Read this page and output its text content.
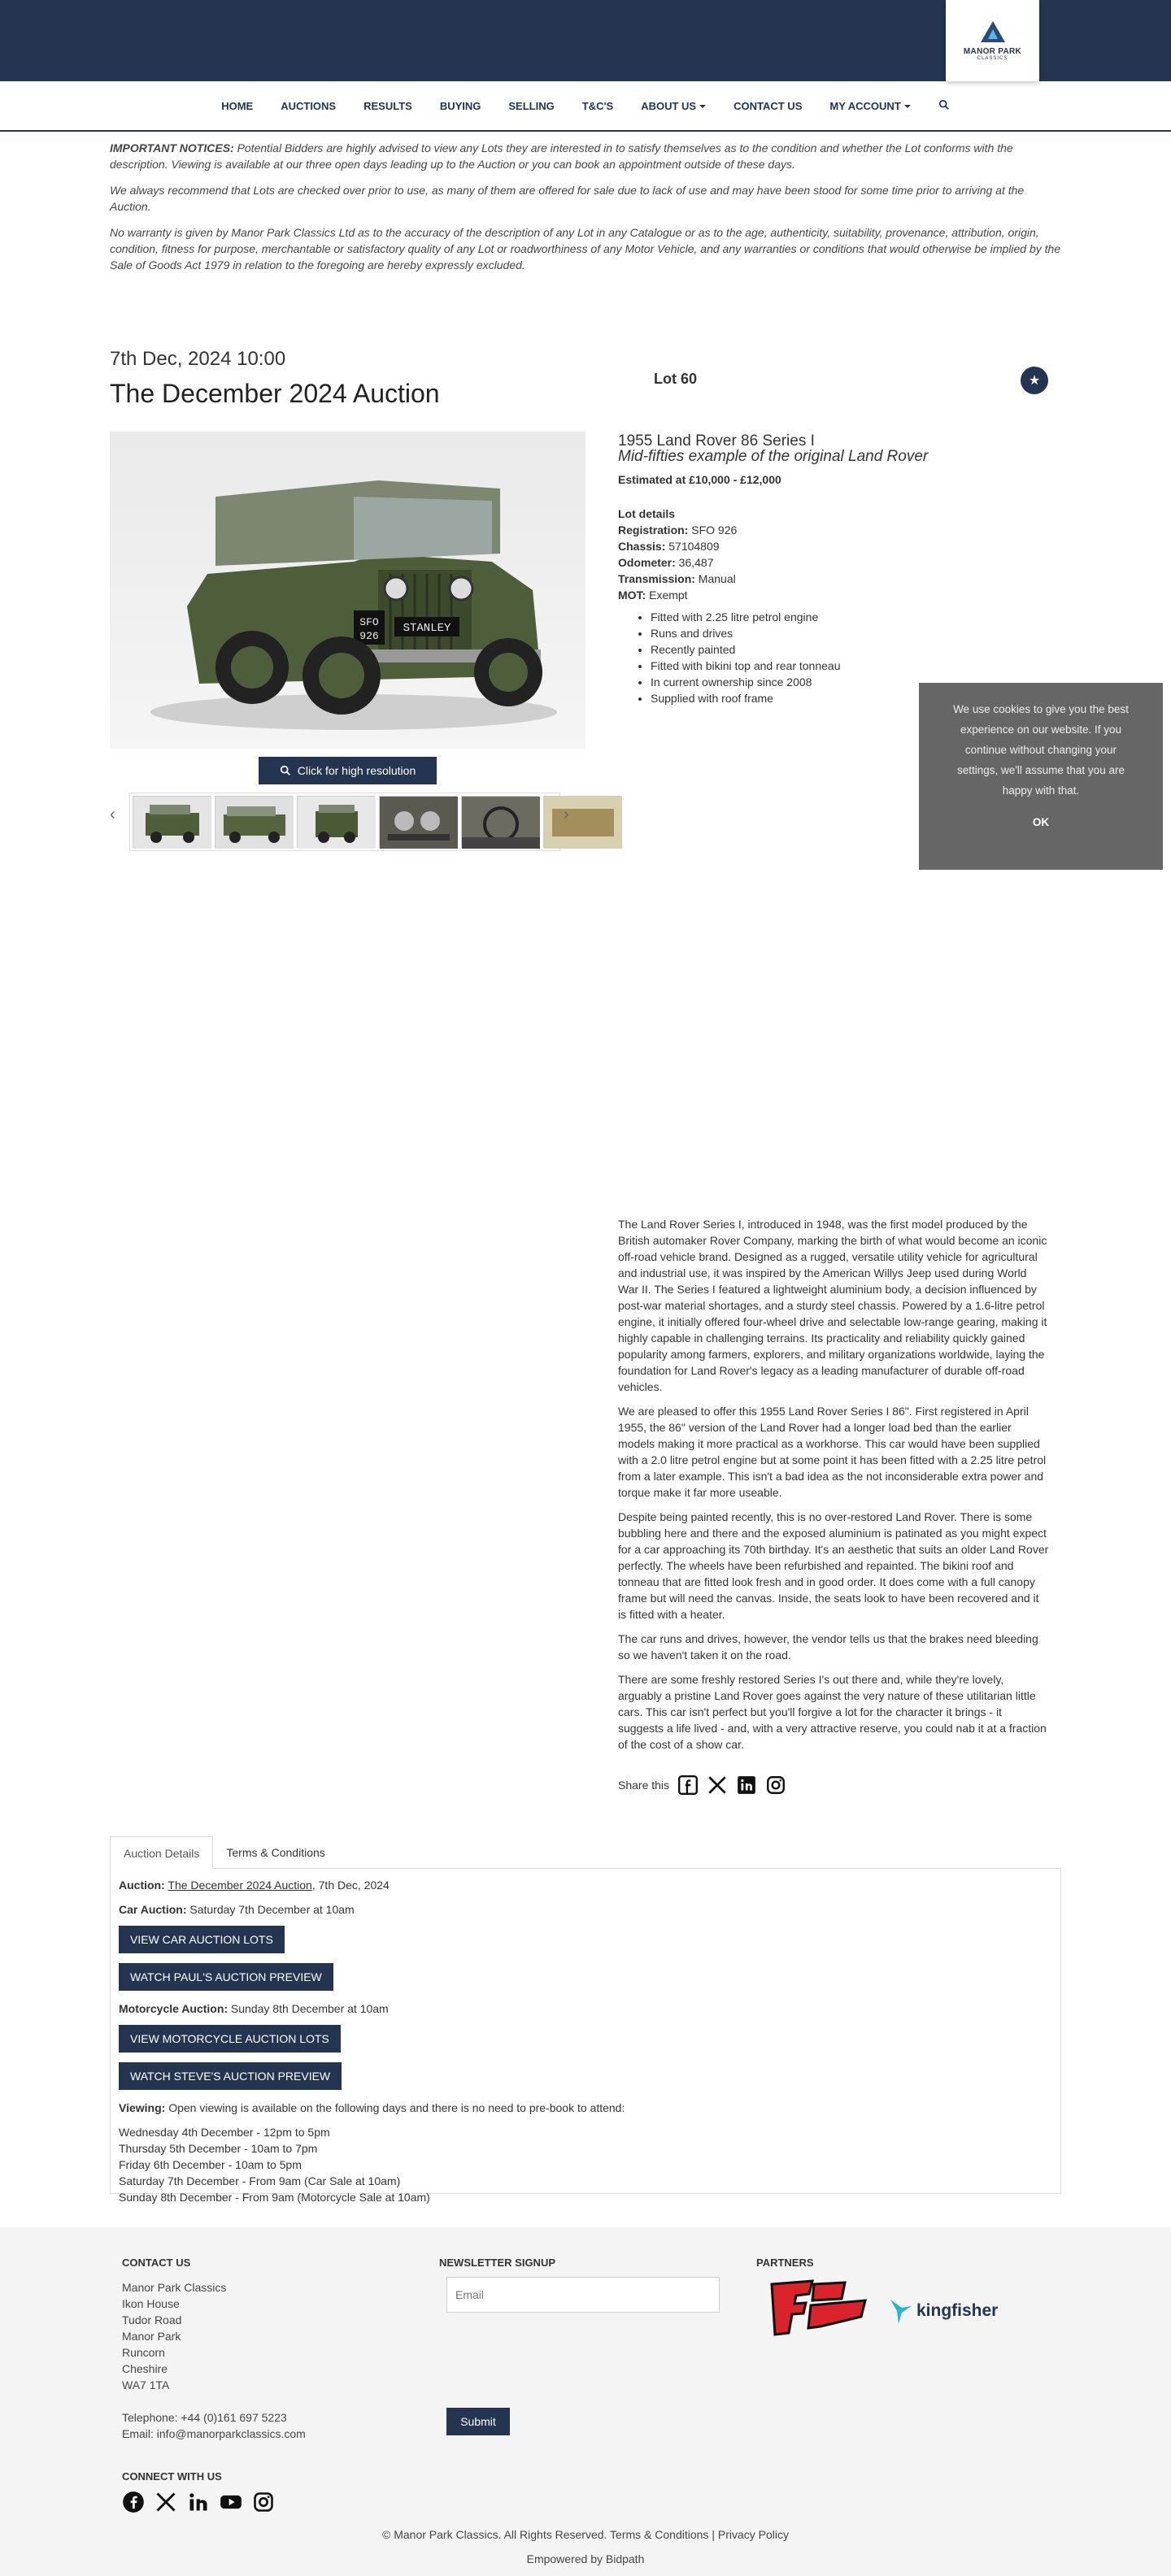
MANOR PARK
CLASSICS
HOME	AUCTIONS	RESULTS	BUYING	SELLING	T&C'S	ABOUT US	CONTACT US	MY ACCOUNT

IMPORTANT NOTICES: Potential Bidders are highly advised to view any Lots they are interested in to satisfy themselves as to the condition and whether the Lot conforms with the description. Viewing is available at our three open days leading up to the Auction or you can book an appointment outside of these days.

We always recommend that Lots are checked over prior to use, as many of them are offered for sale due to lack of use and may have been stood for some time prior to arriving at the Auction.

No warranty is given by Manor Park Classics Ltd as to the accuracy of the description of any Lot in any Catalogue or as to the age, authenticity, suitability, provenance, attribution, origin, condition, fitness for purpose, merchantable or satisfactory quality of any Lot or roadworthiness of any Motor Vehicle, and any warranties or conditions that would otherwise be implied by the Sale of Goods Act 1979 in relation to the foregoing are hereby expressly excluded.

7th Dec, 2024 10:00
The December 2024 Auction	Lot 60	★
SFO
926
STANLEY
Click for high resolution
‹	›
1955 Land Rover 86 Series I
Mid-fifties example of the original Land Rover
Estimated at £10,000 - £12,000
Lot details
Registration: SFO 926
Chassis: 57104809
Odometer: 36,487
Transmission: Manual
MOT: Exempt
• Fitted with 2.25 litre petrol engine
• Runs and drives
• Recently painted
• Fitted with bikini top and rear tonneau
• In current ownership since 2008
• Supplied with roof frame
We use cookies to give you the best experience on our website. If you continue without changing your settings, we'll assume that you are happy with that.
OK

The Land Rover Series I, introduced in 1948, was the first model produced by the British automaker Rover Company, marking the birth of what would become an iconic off-road vehicle brand. Designed as a rugged, versatile utility vehicle for agricultural and industrial use, it was inspired by the American Willys Jeep used during World War II. The Series I featured a lightweight aluminium body, a decision influenced by post-war material shortages, and a sturdy steel chassis. Powered by a 1.6-litre petrol engine, it initially offered four-wheel drive and selectable low-range gearing, making it highly capable in challenging terrains. Its practicality and reliability quickly gained popularity among farmers, explorers, and military organizations worldwide, laying the foundation for Land Rover's legacy as a leading manufacturer of durable off-road vehicles.

We are pleased to offer this 1955 Land Rover Series I 86". First registered in April 1955, the 86" version of the Land Rover had a longer load bed than the earlier models making it more practical as a workhorse. This car would have been supplied with a 2.0 litre petrol engine but at some point it has been fitted with a 2.25 litre petrol from a later example. This isn't a bad idea as the not inconsiderable extra power and torque make it far more useable.

Despite being painted recently, this is no over-restored Land Rover. There is some bubbling here and there and the exposed aluminium is patinated as you might expect for a car approaching its 70th birthday. It's an aesthetic that suits an older Land Rover perfectly. The wheels have been refurbished and repainted. The bikini roof and tonneau that are fitted look fresh and in good order. It does come with a full canopy frame but will need the canvas. Inside, the seats look to have been recovered and it is fitted with a heater.

The car runs and drives, however, the vendor tells us that the brakes need bleeding so we haven't taken it on the road.

There are some freshly restored Series I's out there and, while they're lovely, arguably a pristine Land Rover goes against the very nature of these utilitarian little cars. This car isn't perfect but you'll forgive a lot for the character it brings - it suggests a life lived - and, with a very attractive reserve, you could nab it at a fraction of the cost of a show car.

Share this
Auction Details	Terms & Conditions
Auction: The December 2024 Auction, 7th Dec, 2024
Car Auction: Saturday 7th December at 10am
VIEW CAR AUCTION LOTS
WATCH PAUL'S AUCTION PREVIEW
Motorcycle Auction: Sunday 8th December at 10am
VIEW MOTORCYCLE AUCTION LOTS
WATCH STEVE'S AUCTION PREVIEW
Viewing: Open viewing is available on the following days and there is no need to pre-book to attend:
Wednesday 4th December - 12pm to 5pm
Thursday 5th December - 10am to 7pm
Friday 6th December - 10am to 5pm
Saturday 7th December - From 9am (Car Sale at 10am)
Sunday 8th December - From 9am (Motorcycle Sale at 10am)
CONTACT US
Manor Park Classics
Ikon House
Tudor Road
Manor Park
Runcorn
Cheshire
WA7 1TA
Telephone: +44 (0)161 697 5223
Email: info@manorparkclassics.com
NEWSLETTER SIGNUP
Email
Submit
PARTNERS
kingfisher
CONNECT WITH US
© Manor Park Classics. All Rights Reserved. Terms & Conditions | Privacy Policy
Empowered by Bidpath
